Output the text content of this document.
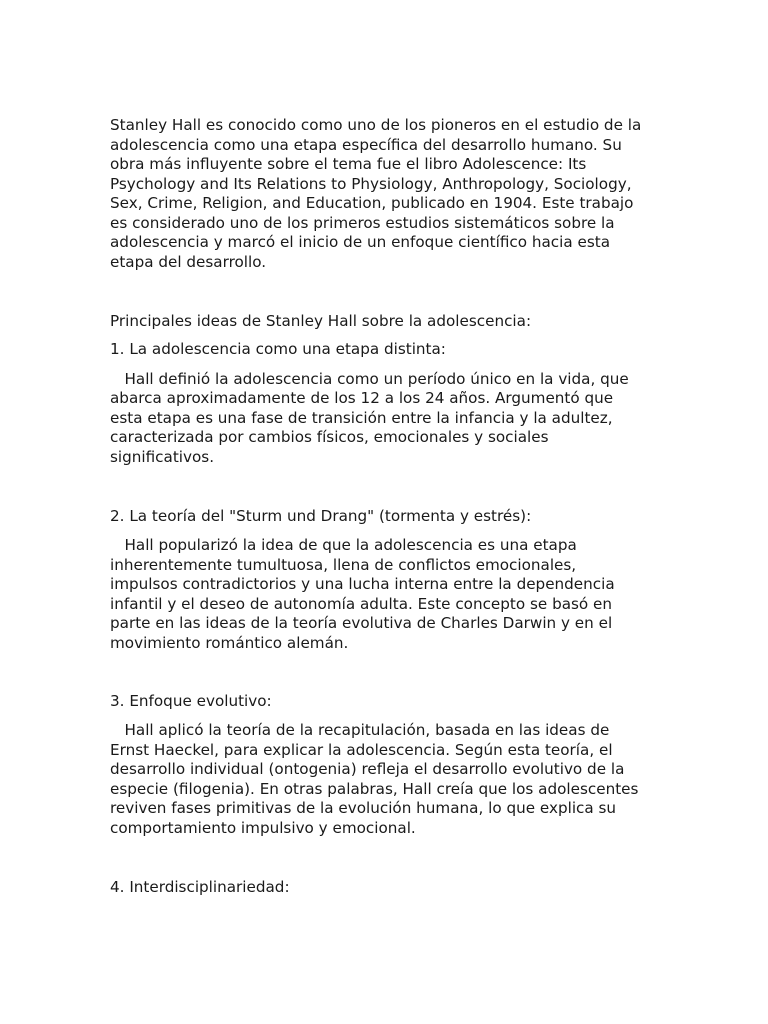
Stanley Hall es conocido como uno de los pioneros en el estudio de la

adolescencia como una etapa específica del desarrollo humano. Su

obra más influyente sobre el tema fue el libro Adolescence: Its

Psychology and Its Relations to Physiology, Anthropology, Sociology,

Sex, Crime, Religion, and Education, publicado en 1904. Este trabajo

es considerado uno de los primeros estudios sistemáticos sobre la

adolescencia y marcó el inicio de un enfoque científico hacia esta

etapa del desarrollo.

Principales ideas de Stanley Hall sobre la adolescencia:

1. La adolescencia como una etapa distinta:

Hall definió la adolescencia como un período único en la vida, que

abarca aproximadamente de los 12 a los 24 años. Argumentó que

esta etapa es una fase de transición entre la infancia y la adultez,

caracterizada por cambios físicos, emocionales y sociales

significativos.

2. La teoría del "Sturm und Drang" (tormenta y estrés):

Hall popularizó la idea de que la adolescencia es una etapa

inherentemente tumultuosa, llena de conflictos emocionales,

impulsos contradictorios y una lucha interna entre la dependencia

infantil y el deseo de autonomía adulta. Este concepto se basó en

parte en las ideas de la teoría evolutiva de Charles Darwin y en el

movimiento romántico alemán.

3. Enfoque evolutivo:

Hall aplicó la teoría de la recapitulación, basada en las ideas de

Ernst Haeckel, para explicar la adolescencia. Según esta teoría, el

desarrollo individual (ontogenia) refleja el desarrollo evolutivo de la

especie (filogenia). En otras palabras, Hall creía que los adolescentes

reviven fases primitivas de la evolución humana, lo que explica su

comportamiento impulsivo y emocional.

4. Interdisciplinariedad:
